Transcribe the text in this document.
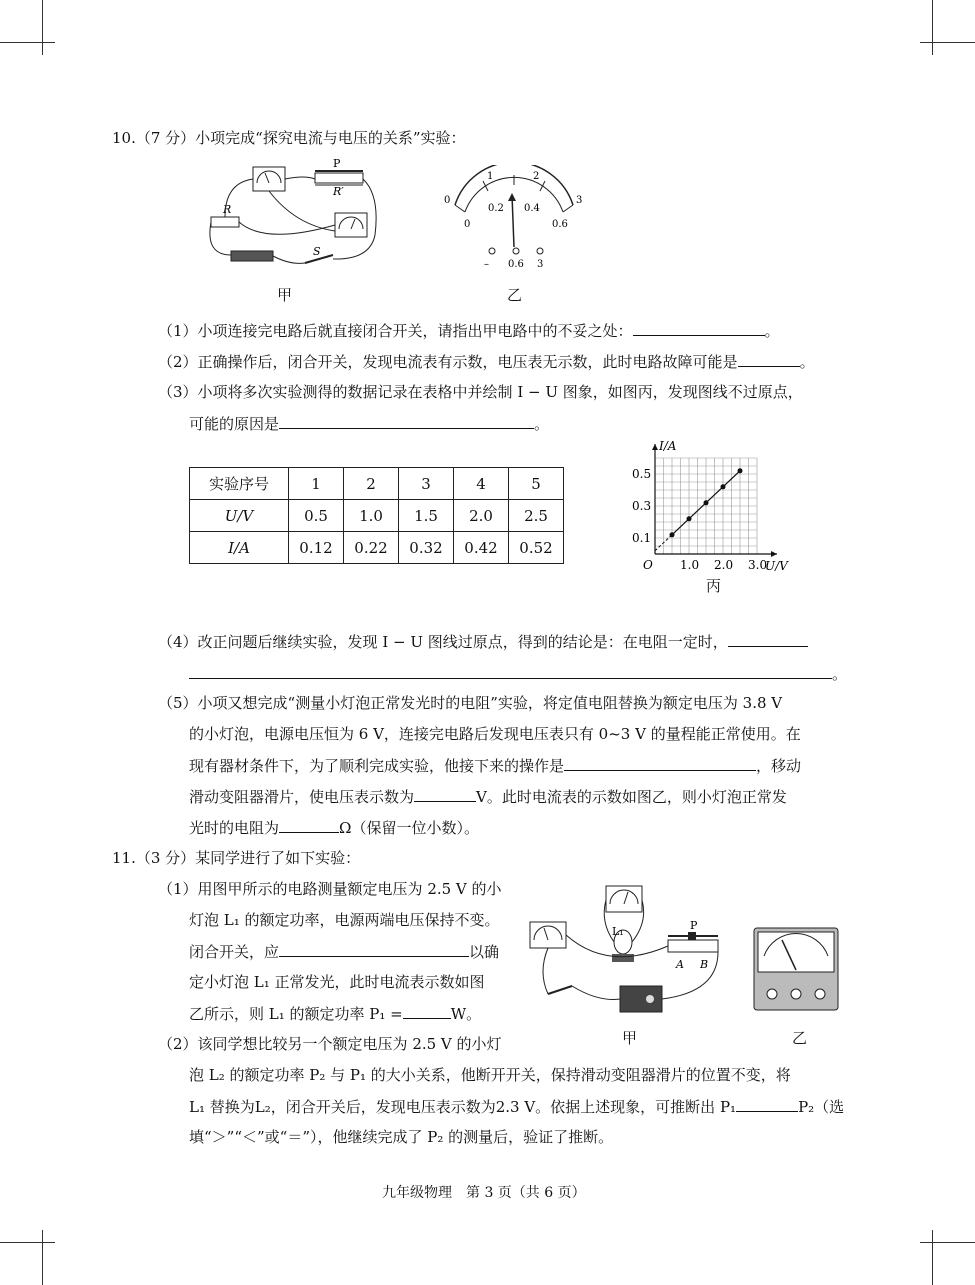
10.（7 分）小项完成“探究电流与电压的关系”实验：
P
R′
R
S
甲
0
1	2
3
0
0.2 0.4
0.6
– 0.6 3
乙
（1）小项连接完电路后就直接闭合开关，请指出甲电路中的不妥之处：	。
（2）正确操作后，闭合开关，发现电流表有示数，电压表无示数，此时电路故障可能是	。
（3）小项将多次实验测得的数据记录在表格中并绘制 I − U 图象，如图丙，发现图线不过原点，
可能的原因是	。
实验序号	1	2	3	4	5
U/V	0.5	1.0	1.5	2.0	2.5
I/A	0.12	0.22	0.32	0.42	0.52
I/A
U/V
O 1.0 2.0 3.0
0.1
0.3
0.5
丙
（4）改正问题后继续实验，发现 I − U 图线过原点，得到的结论是：在电阻一定时，
。
（5）小项又想完成“测量小灯泡正常发光时的电阻”实验，将定值电阻替换为额定电压为 3.8 V
的小灯泡，电源电压恒为 6 V，连接完电路后发现电压表只有 0~3 V 的量程能正常使用。在
现有器材条件下，为了顺利完成实验，他接下来的操作是	，移动
滑动变阻器滑片，使电压表示数为	V。此时电流表的示数如图乙，则小灯泡正常发
光时的电阻为	Ω（保留一位小数）。
11.（3 分）某同学进行了如下实验：
（1）用图甲所示的电路测量额定电压为 2.5 V 的小
灯泡 L₁ 的额定功率，电源两端电压保持不变。
闭合开关，应	以确
定小灯泡 L₁ 正常发光，此时电流表示数如图
乙所示，则 L₁ 的额定功率 P₁ =	W。
（2）该同学想比较另一个额定电压为 2.5 V 的小灯
泡 L₂ 的额定功率 P₂ 与 P₁ 的大小关系，他断开开关，保持滑动变阻器滑片的位置不变，将
L₁ 替换为L₂，闭合开关后，发现电压表示数为2.3 V。依据上述现象，可推断出 P₁	P₂（选
填“＞”“＜”或“＝”），他继续完成了 P₂ 的测量后，验证了推断。
L₁	P
A B
甲	乙
九年级物理　第 3 页（共 6 页）
